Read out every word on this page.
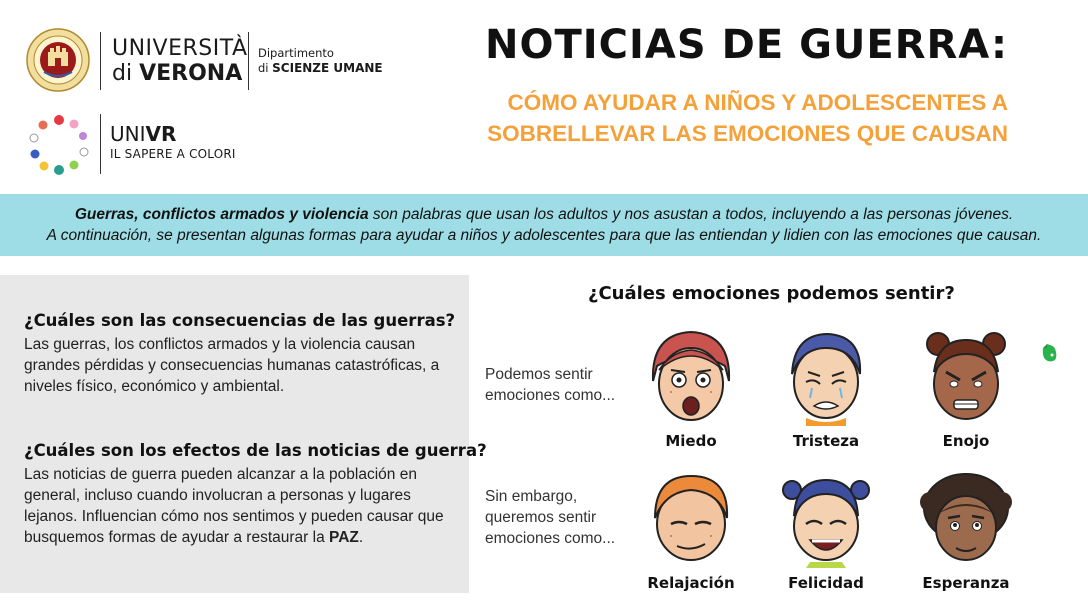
UNIVERSITÀ
di VERONA
Dipartimento
di SCIENZE UMANE
UNIVR
IL SAPERE A COLORI
NOTICIAS DE GUERRA:
CÓMO AYUDAR A NIÑOS Y ADOLESCENTES A
SOBRELLEVAR LAS EMOCIONES QUE CAUSAN
Guerras, conflictos armados y violencia son palabras que usan los adultos y nos asustan a todos, incluyendo a las personas jóvenes.
A continuación, se presentan algunas formas para ayudar a niños y adolescentes para que las entiendan y lidien con las emociones que causan.
¿Cuáles son las consecuencias de las guerras?
Las guerras, los conflictos armados y la violencia causan grandes pérdidas y consecuencias humanas catastróficas, a niveles físico, económico y ambiental.
¿Cuáles son los efectos de las noticias de guerra?
Las noticias de guerra pueden alcanzar a la población en general, incluso cuando involucran a personas y lugares lejanos. Influencian cómo nos sentimos y pueden causar que busquemos formas de ayudar a restaurar la PAZ.
¿Cuáles emociones podemos sentir?
Podemos sentir emociones como...
Sin embargo, queremos sentir emociones como...
Miedo	Tristeza	Enojo
Relajación	Felicidad	Esperanza
